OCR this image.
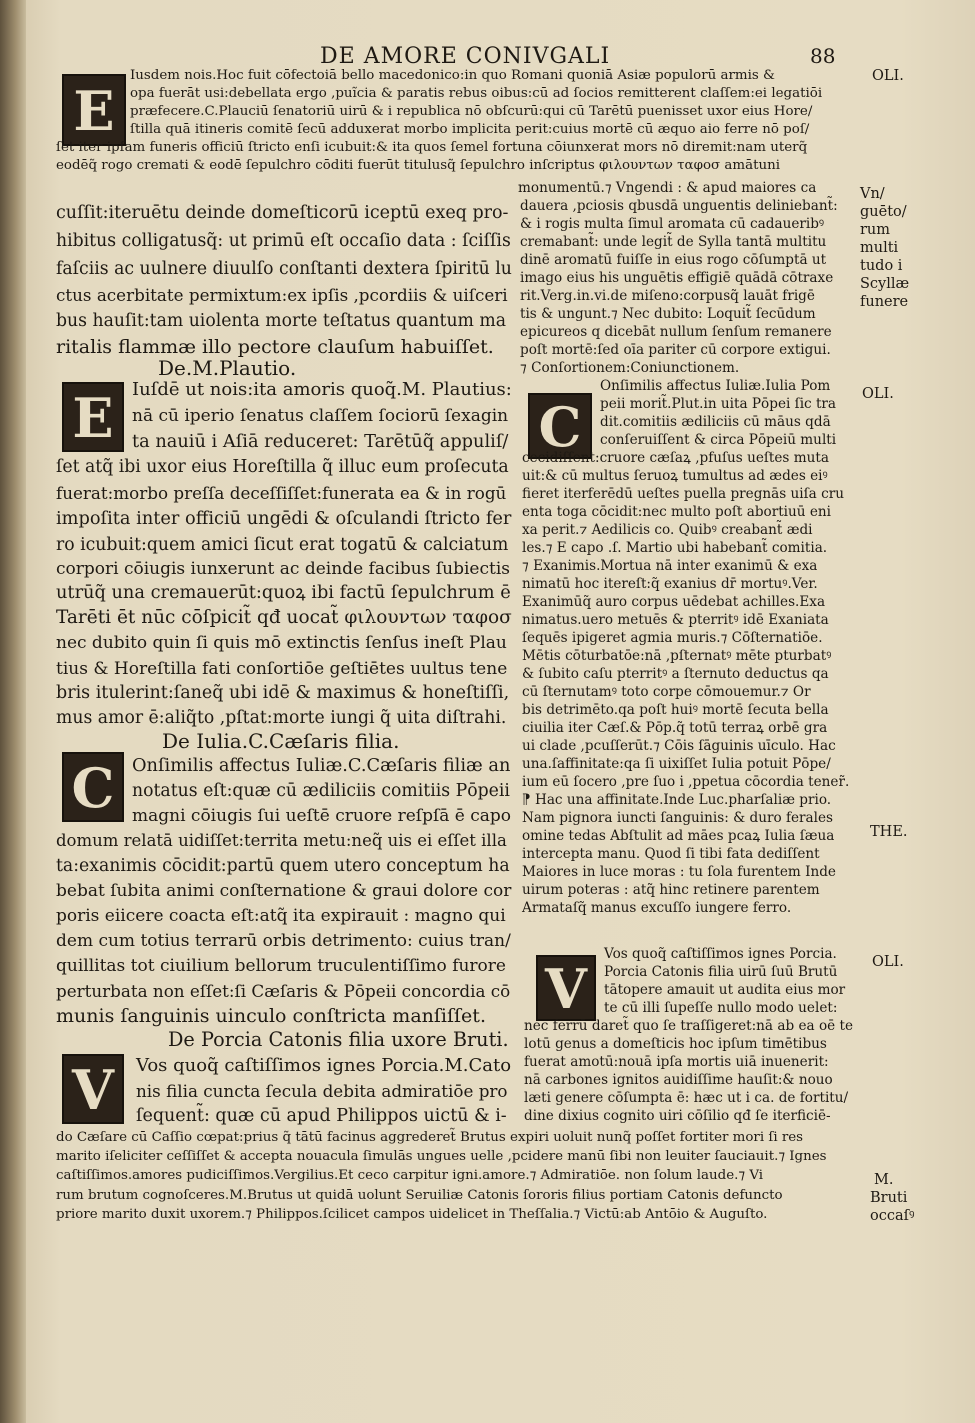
DE AMORE CONIVGALI	88
E
E
C
C
V
V
Iusdem nois.Hoc fuit cōfectoiā bello macedonico:in quo Romani quoniā Asiæ populorū armis &
opa fuerāt usi:debellata ergo ,puĩcia & paratis rebus oibus:cū ad ſocios remitterent claſſem:ei legatiōi
præfecere.C.Plauciū ſenatoriū uirū & i republica nō obſcurū:qui cū Tarētū puenisset uxor eius Hore/
ſtilla quā itineris comitē ſecū adduxerat morbo implicita perit:cuius mortē cū æquo aio ferre nō poſ/
ſet iter ipſam funeris officiū ſtricto enſi icubuit:& ita quos ſemel fortuna cōiunxerat mors nō diremit:nam uterq̃
eodēq̃ rogo cremati & eodē ſepulchro cōditi fuerūt titulusq̃ ſepulchro inſcriptus φιλουντων ταφοσ amātuni
cuſſit:iteruētu deinde domeſticorū iceptū exeq pro-
hibitus colligatusq̃: ut primū eſt occaſio data : ſciſſis
faſciis ac uulnere diuulſo conſtanti dextera ſpiritū lu
ctus acerbitate permixtum:ex ipſis ,pcordiis & uiſceri
bus hauſit:tam uiolenta morte teſtatus quantum ma
ritalis flammæ illo pectore clauſum habuiſſet.
De.M.Plautio.
Iuſdē ut nois:ita amoris quoq̃.M. Plautius:
nā cū iperio ſenatus claſſem ſociorū ſexagin
ta nauiū i Aſiā reduceret: Tarētūq̃ appuliſ/
ſet atq̃ ibi uxor eius Horeſtilla q̃ illuc eum proſecuta
fuerat:morbo preſſa deceſſiſſet:funerata ea & in rogū
impoſita inter officiū ungēdi & oſculandi ſtricto fer
ro icubuit:quem amici ſicut erat togatū & calciatum
corpori cōiugis iunxerunt ac deinde facibus ſubiectis
utrūq̃ una cremauerūt:quoꝝ ibi factū ſepulchrum ē
Tarēti ēt nūc cōſpicit̃ qđ uocat̃ φιλουντων ταφοσ
nec dubito quin ſi quis mō extinctis ſenſus ineſt Plau
tius & Horeſtilla fati conſortiōe geſtiētes uultus tene
bris itulerint:ſaneq̃ ubi idē & maximus & honeſtiſſi,
mus amor ē:aliq̃to ,pſtat:morte iungi q̃ uita diſtrahi.
De Iulia.C.Cæſaris filia.
Onſimilis affectus Iuliæ.C.Cæſaris filiæ an
notatus eſt:quæ cū ædiliciis comitiis Pōpeii
magni cōiugis ſui ueſtē cruore reſpſā ē capo
domum relatā uidiſſet:territa metu:neq̃ uis ei eſſet illa
ta:exanimis cōcidit:partū quem utero conceptum ha
bebat ſubita animi conſternatione & graui dolore cor
poris eiicere coacta eſt:atq̃ ita expirauit : magno qui
dem cum totius terrarū orbis detrimento: cuius tran/
quillitas tot ciuilium bellorum truculentiſſimo furore
perturbata non eſſet:ſi Cæſaris & Pōpeii concordia cō
munis ſanguinis uinculo conſtricta manſiſſet.
De Porcia Catonis filia uxore Bruti.
Vos quoq̃ caſtiſſimos ignes Porcia.M.Cato
nis filia cuncta ſecula debita admiratiōe pro
ſequent̃: quæ cū apud Philippos uictū & i-
monumentū.⁊ Vngendi : & apud maiores ca
dauera ,pciosis qbusdā unguentis deliniebant̃:
& i rogis multa ſimul aromata cū cadaueribꝰ
cremabant̃: unde legit̃ de Sylla tantā multitu
dinē aromatū fuiſſe in eius rogo cōſumptā ut
imago eius his unguētis effigiē quādā cōtraxe
rit.Verg.in.vi.de miſeno:corpusq̃ lauāt frigē
tis & ungunt.⁊ Nec dubito: Loquit̃ ſecūdum
epicureos q dicebāt nullum ſenſum remanere
poſt mortē:ſed oīa pariter cū corpore extigui.
⁊ Conſortionem:Coniunctionem.
Onſimilis affectus Iuliæ.Iulia Pom
peii morit̃.Plut.in uita Pōpei ſic tra
dit.comitiis ædiliciis cū māus qdā
conſeruiſſent & circa Pōpeiū multi
cecidiſſent:cruore cæſaꝝ ,pfuſus ueſtes muta
uit:& cū multus ſeruoꝝ tumultus ad ædes eiꝰ
fieret iterferēdū ueſtes puella pregnās uiſa cru
enta toga cōcidit:nec multo poſt abortiuū eni
xa perit.⁊ Aedilicis co. Quibꝰ creabant̃ ædi
les.⁊ E capo .ſ. Martio ubi habebant̃ comitia.
⁊ Exanimis.Mortua nā inter exanimū & exa
nimatū hoc itereſt:q̃ exanius dr̄ mortuꝰ.Ver.
Exanimūq̃ auro corpus uēdebat achilles.Exa
nimatus.uero metuēs & pterritꝰ idē Exaniata
ſequēs ipigeret agmia muris.⁊ Cōſternatiōe.
Mētis cōturbatōe:nā ,pſternatꝰ mēte pturbatꝰ
& ſubito caſu pterritꝰ a ſternuto deductus qa
cū ſternutamꝰ toto corpe cōmouemur.⁊ Or
bis detrimēto.qa poſt huiꝰ mortē ſecuta bella
ciuilia iter Cæſ.& Pōp.q̃ totū terraꝝ orbē gra
ui clade ,pcuſſerūt.⁊ Cōis ſāguinis uīculo. Hac
una.ſaffinitate:qa ſi uixiſſet Iulia potuit Pōpe/
ium eū ſocero ,pre ſuo i ,ppetua cōcordia tener̃.
⁋ Hac una affinitate.Inde Luc.pharſaliæ prio.
Nam pignora iuncti ſanguinis: & duro ferales
omine tedas Abſtulit ad māes pcaꝝ Iulia ſæua
intercepta manu. Quod ſi tibi fata dediſſent
Maiores in luce moras : tu ſola furentem Inde
uirum poteras : atq̃ hinc retinere parentem
Armataſq̃ manus excuſſo iungere ferro.
Vos quoq̃ caſtiſſimos ignes Porcia.
Porcia Catonis filia uirū ſuū Brutū
tātopere amauit ut audita eius mor
te cū illi ſupeſſe nullo modo uelet:
nec ferrū daret̃ quo ſe traſſigeret:nā ab ea oē te
lotū genus a domeſticis hoc ipſum timētibus
fuerat amotū:nouā ipſa mortis uiā inuenerit:
nā carbones ignitos auidiſſime hauſit:& nouo
læti genere cōſumpta ē: hæc ut i ca. de fortitu/
dine dixius cognito uiri cōſilio qđ ſe iterficiē-
do Cæſare cū Caſſio cœpat:prius q̃ tātū facinus aggrederet̃ Brutus expiri uoluit nunq̃ poſſet fortiter mori ſi res
marito iſeliciter ceſſiſſet & accepta nouacula ſimulās ungues uelle ,pcidere manū ſibi non leuiter ſauciauit.⁊ Ignes
caſtiſſimos.amores pudiciſſimos.Vergilius.Et ceco carpitur igni.amore.⁊ Admiratiōe. non ſolum laude.⁊ Vi
rum brutum cognoſceres.M.Brutus ut quidā uolunt Seruiliæ Catonis ſororis filius portiam Catonis defuncto
priore marito duxit uxorem.⁊ Philippos.ſcilicet campos uidelicet in Theſſalia.⁊ Victū:ab Antōio & Auguſto.
OLI.
Vn/
guēto/
rum
multi
tudo i
Scyllæ
funere
OLI.
THE.
OLI.
M.
Bruti
occaſꝰ
